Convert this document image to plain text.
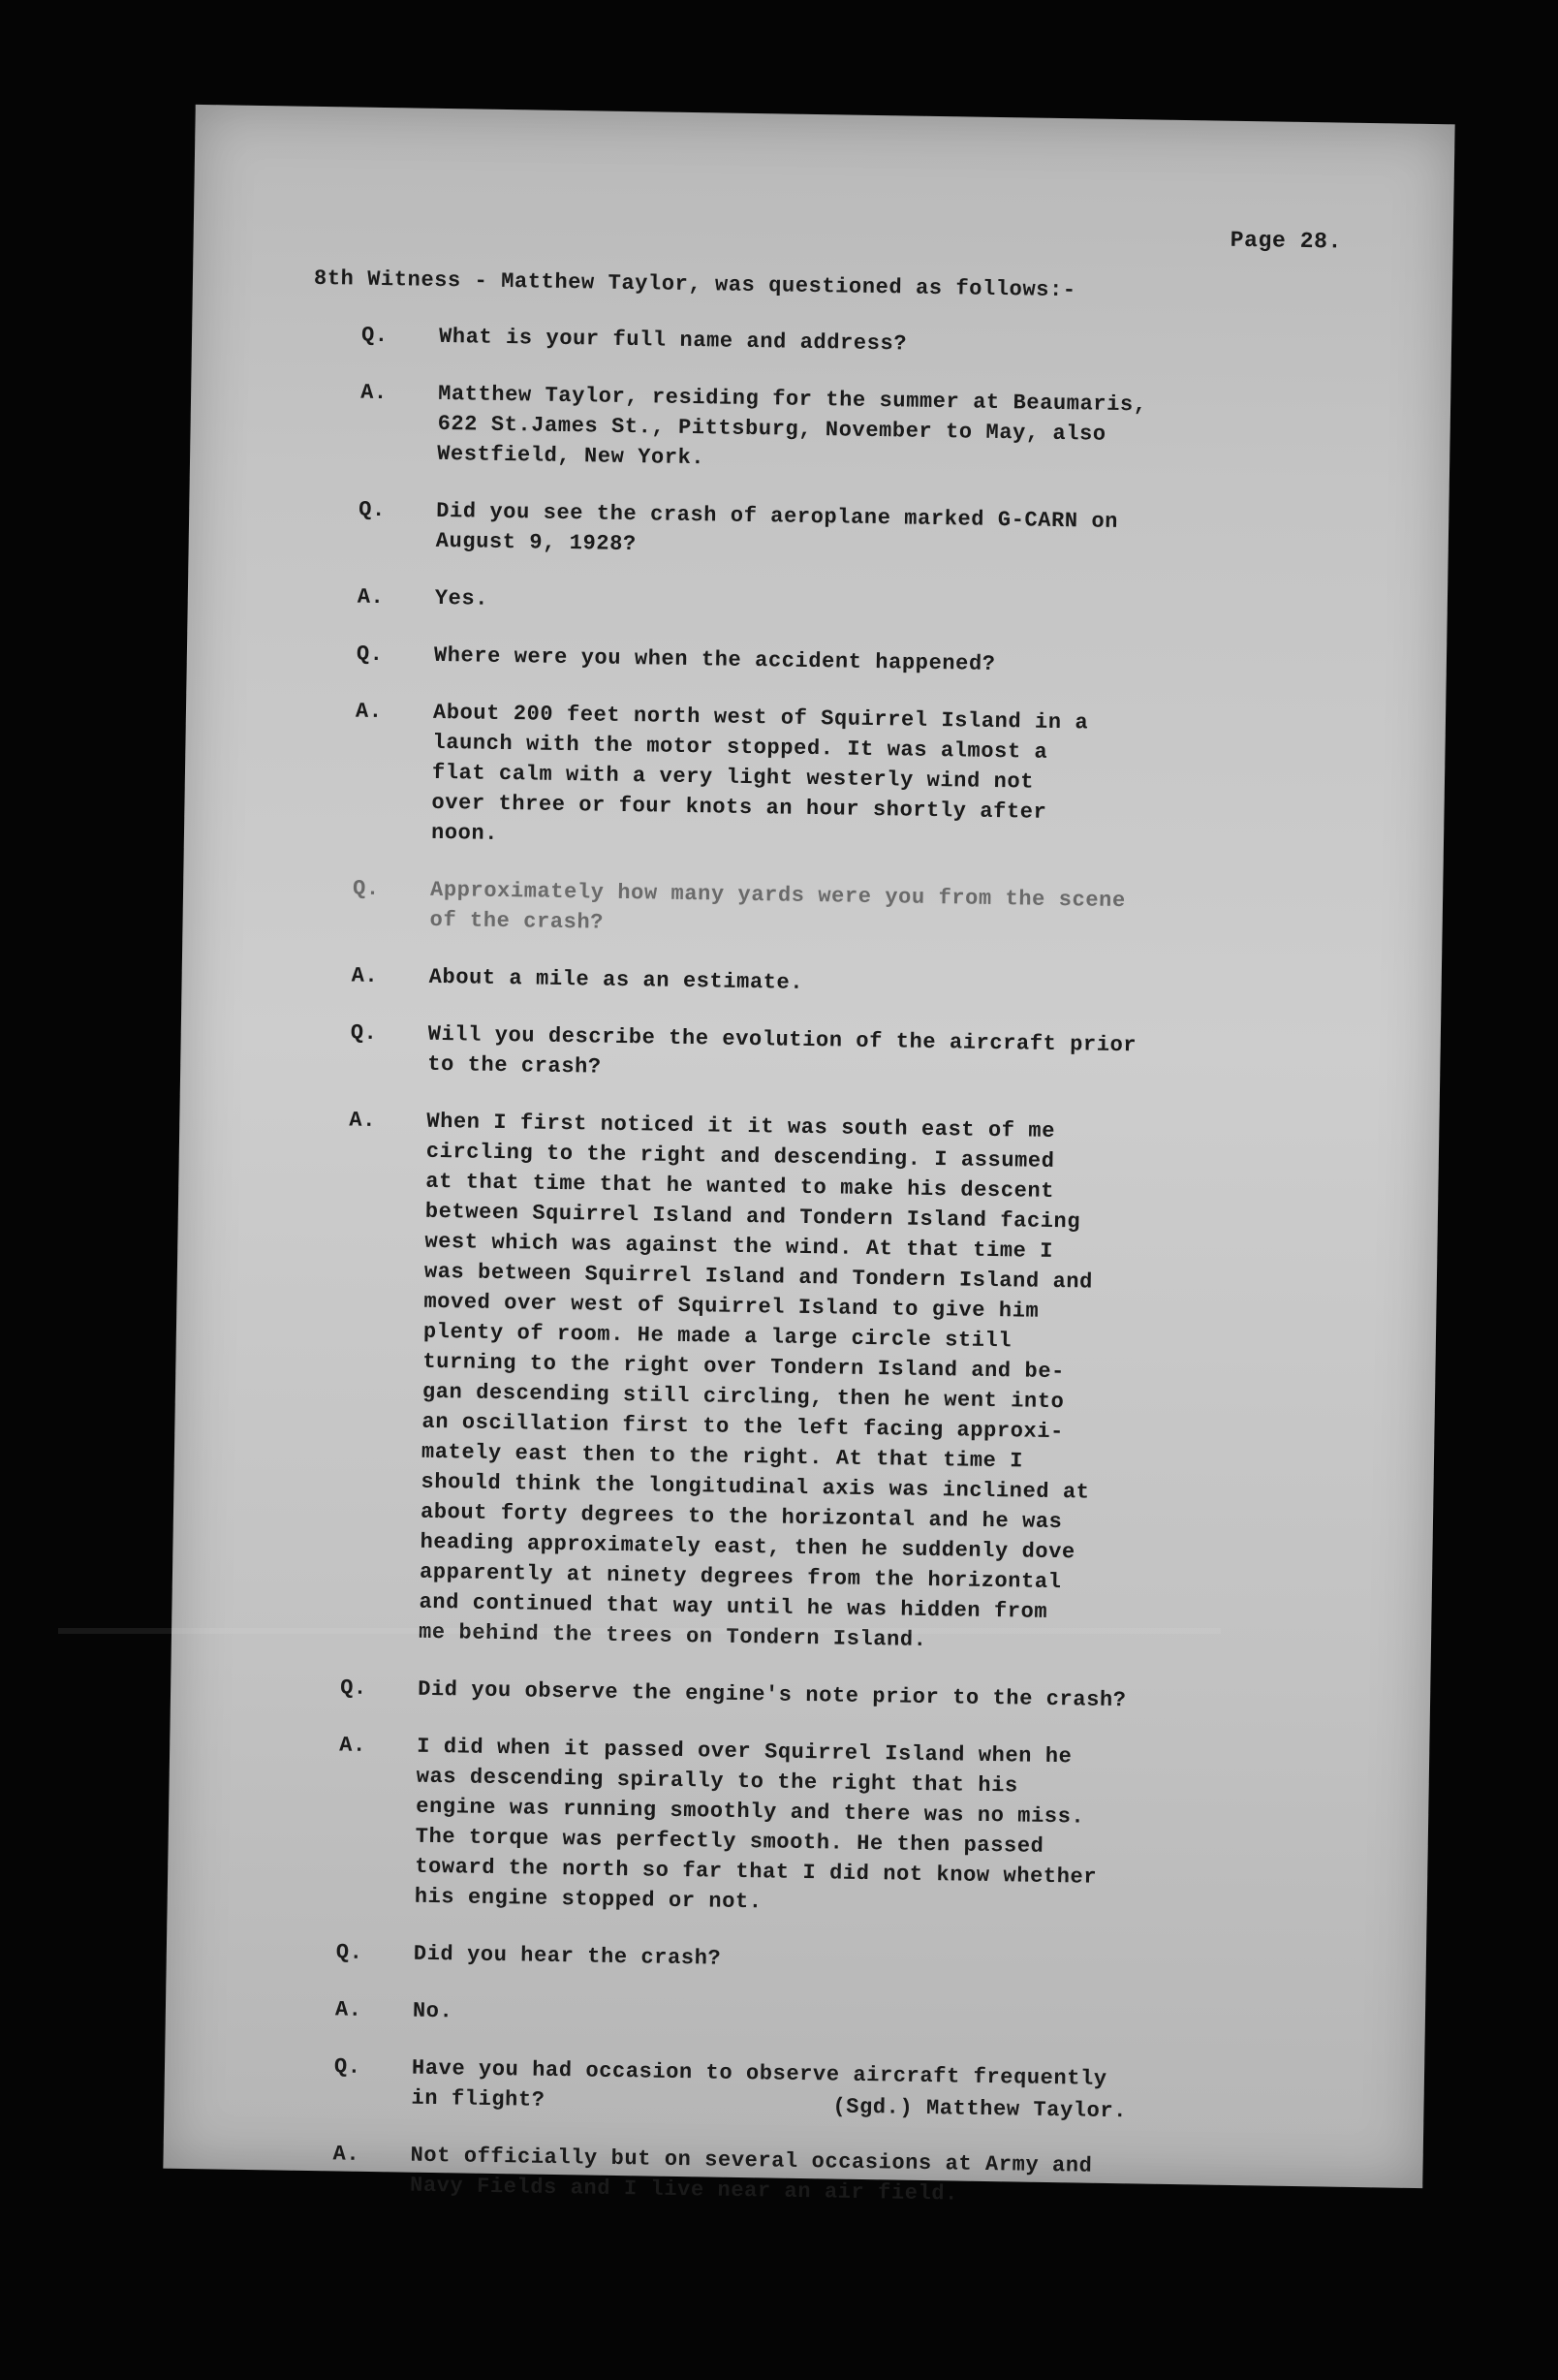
Page 28.
8th Witness - Matthew Taylor, was questioned as follows:-
Q.	What is your full name and address?
A.	Matthew Taylor, residing for the summer at Beaumaris,
622 St.James St., Pittsburg, November to May, also
Westfield, New York.
Q.	Did you see the crash of aeroplane marked G-CARN on
August 9, 1928?
A.	Yes.
Q.	Where were you when the accident happened?
A.	About 200 feet north west of Squirrel Island in a
launch with the motor stopped. It was almost a
flat calm with a very light westerly wind not
over three or four knots an hour shortly after
noon.
Q.	Approximately how many yards were you from the scene
of the crash?
A.	About a mile as an estimate.
Q.	Will you describe the evolution of the aircraft prior
to the crash?
A.	When I first noticed it it was south east of me
circling to the right and descending. I assumed
at that time that he wanted to make his descent
between Squirrel Island and Tondern Island facing
west which was against the wind. At that time I
was between Squirrel Island and Tondern Island and
moved over west of Squirrel Island to give him
plenty of room. He made a large circle still
turning to the right over Tondern Island and be-
gan descending still circling, then he went into
an oscillation first to the left facing approxi-
mately east then to the right. At that time I
should think the longitudinal axis was inclined at
about forty degrees to the horizontal and he was
heading approximately east, then he suddenly dove
apparently at ninety degrees from the horizontal
and continued that way until he was hidden from
me behind the trees on Tondern Island.
Q.	Did you observe the engine's note prior to the crash?
A.	I did when it passed over Squirrel Island when he
was descending spirally to the right that his
engine was running smoothly and there was no miss.
The torque was perfectly smooth. He then passed
toward the north so far that I did not know whether
his engine stopped or not.
Q.	Did you hear the crash?
A.	No.
Q.	Have you had occasion to observe aircraft frequently
in flight?
A.	Not officially but on several occasions at Army and
Navy Fields and I live near an air field.
(Sgd.) Matthew Taylor.
